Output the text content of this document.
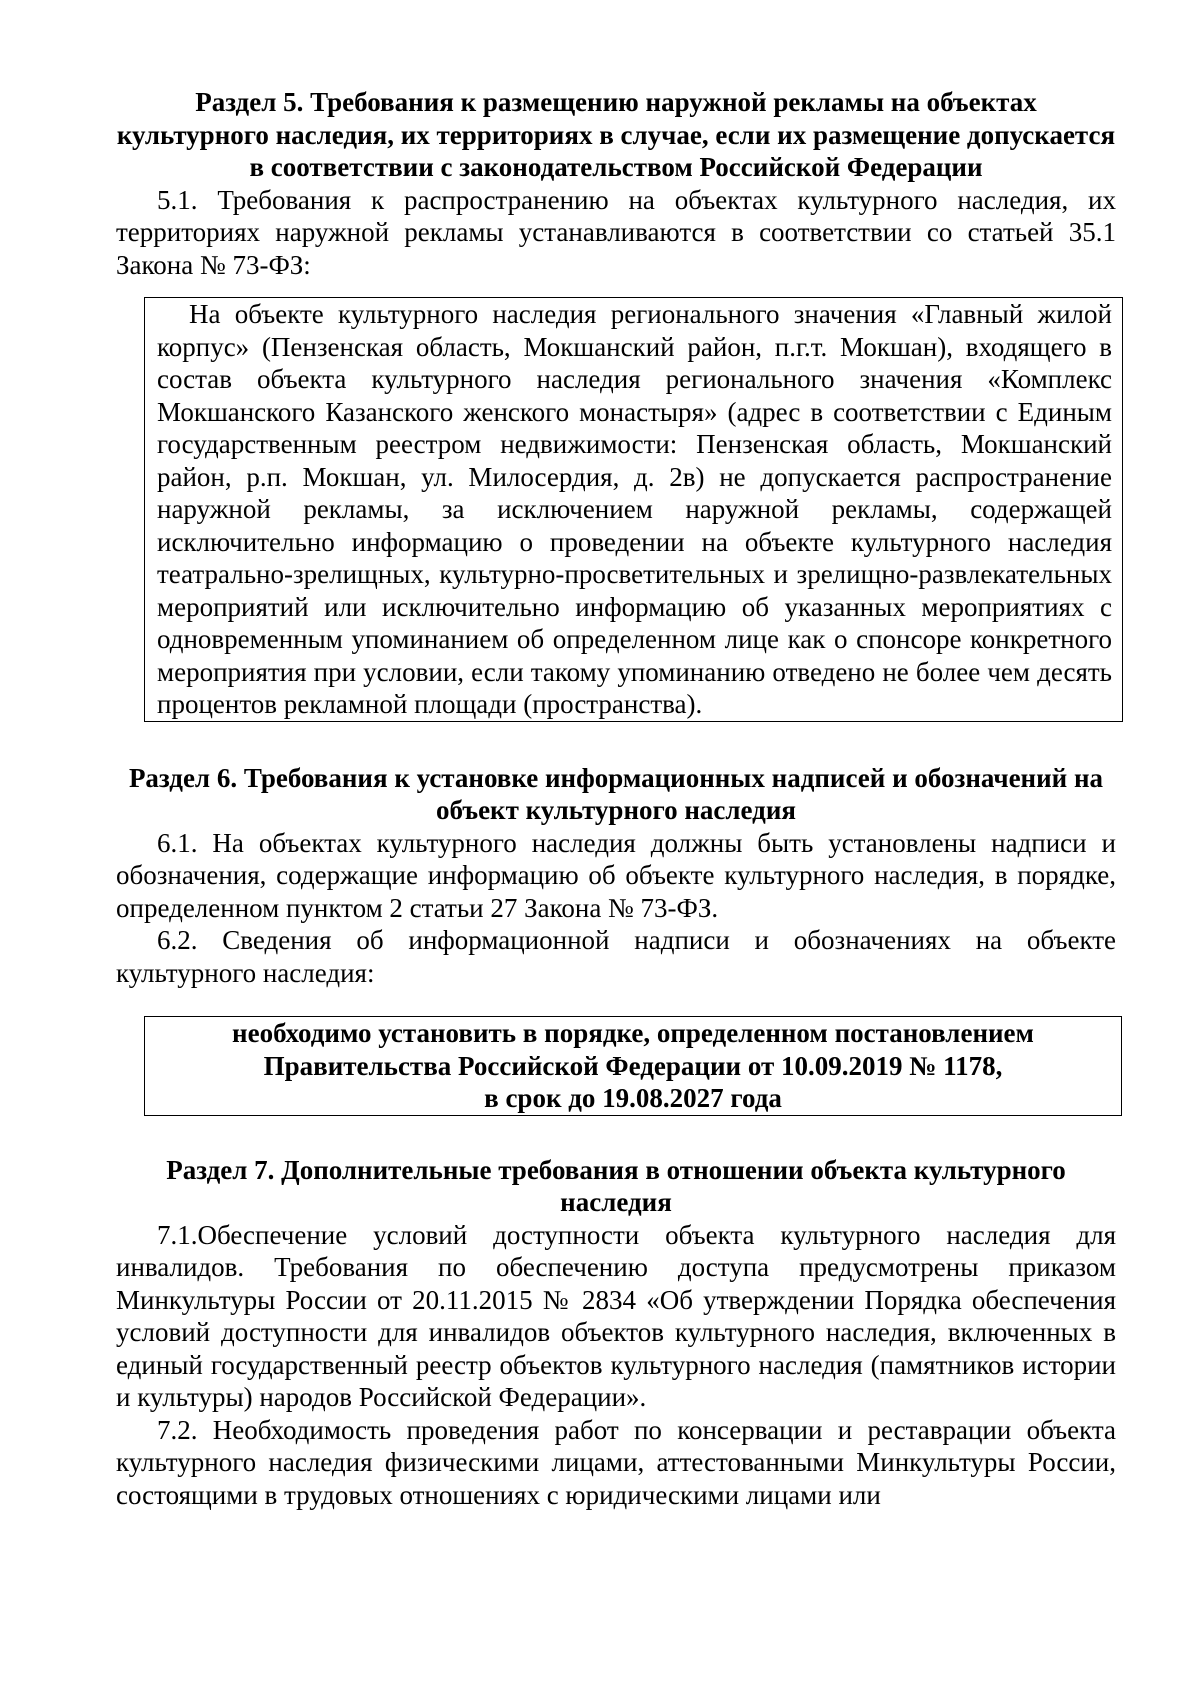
Раздел 5. Требования к размещению наружной рекламы на объектах культурного наследия, их территориях в случае, если их размещение допускается в соответствии с законодательством Российской Федерации

5.1. Требования к распространению на объектах культурного наследия, их территориях наружной рекламы устанавливаются в соответствии со статьей 35.1 Закона № 73-ФЗ:

На объекте культурного наследия регионального значения «Главный жилой корпус» (Пензенская область, Мокшанский район, п.г.т. Мокшан), входящего в состав объекта культурного наследия регионального значения «Комплекс Мокшанского Казанского женского монастыря» (адрес в соответствии с Единым государственным реестром недвижимости: Пензенская область, Мокшанский район, р.п. Мокшан, ул. Милосердия, д. 2в) не допускается распространение наружной рекламы, за исключением наружной рекламы, содержащей исключительно информацию о проведении на объекте культурного наследия театрально-зрелищных, культурно-просветительных и зрелищно-развлекательных мероприятий или исключительно информацию об указанных мероприятиях с одновременным упоминанием об определенном лице как о спонсоре конкретного мероприятия при условии, если такому упоминанию отведено не более чем десять процентов рекламной площади (пространства).

Раздел 6. Требования к установке информационных надписей и обозначений на объект культурного наследия

6.1. На объектах культурного наследия должны быть установлены надписи и обозначения, содержащие информацию об объекте культурного наследия, в порядке, определенном пунктом 2 статьи 27 Закона № 73-ФЗ.

6.2. Сведения об информационной надписи и обозначениях на объекте культурного наследия:

необходимо установить в порядке, определенном постановлением
Правительства Российской Федерации от 10.09.2019 № 1178,
в срок до 19.08.2027 года

Раздел 7. Дополнительные требования в отношении объекта культурного наследия

7.1.Обеспечение условий доступности объекта культурного наследия для инвалидов. Требования по обеспечению доступа предусмотрены приказом Минкультуры России от 20.11.2015 № 2834 «Об утверждении Порядка обеспечения условий доступности для инвалидов объектов культурного наследия, включенных в единый государственный реестр объектов культурного наследия (памятников истории и культуры) народов Российской Федерации».

7.2. Необходимость проведения работ по консервации и реставрации объекта культурного наследия физическими лицами, аттестованными Минкультуры России, состоящими в трудовых отношениях с юридическими лицами или
